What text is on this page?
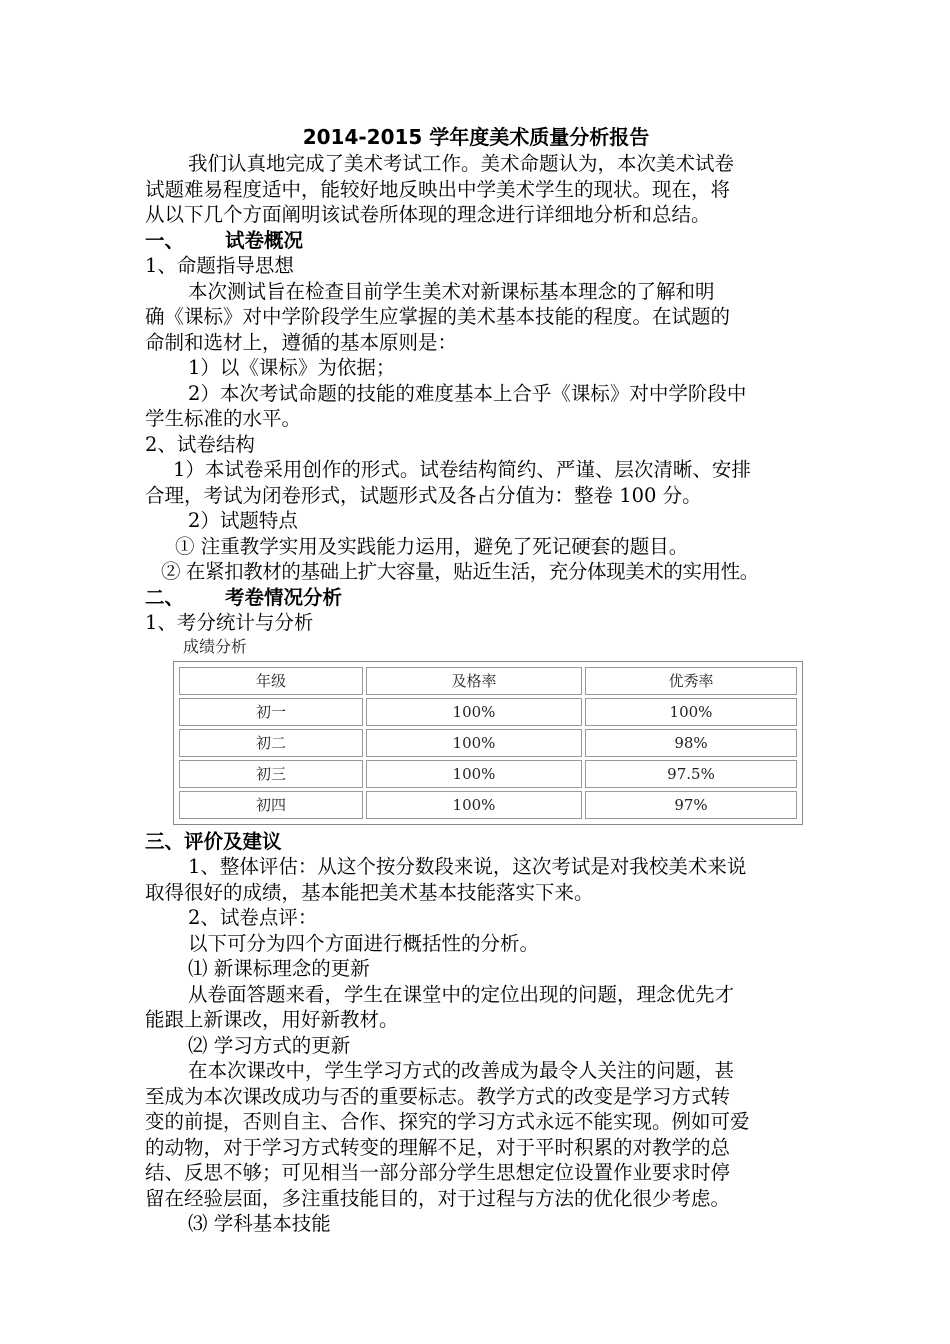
2014-2015 学年度美术质量分析报告
我们认真地完成了美术考试工作。美术命题认为，本次美术试卷
试题难易程度适中，能较好地反映出中学美术学生的现状。现在，将
从以下几个方面阐明该试卷所体现的理念进行详细地分析和总结。
一、 试卷概况
1、命题指导思想
本次测试旨在检查目前学生美术对新课标基本理念的了解和明
确《课标》对中学阶段学生应掌握的美术基本技能的程度。在试题的
命制和选材上，遵循的基本原则是：
1）以《课标》为依据；
2）本次考试命题的技能的难度基本上合乎《课标》对中学阶段中
学生标准的水平。
2、试卷结构
1）本试卷采用创作的形式。试卷结构简约、严谨、层次清晰、安排
合理，考试为闭卷形式，试题形式及各占分值为：整卷 100 分。
2）试题特点
① 注重教学实用及实践能力运用，避免了死记硬套的题目。
② 在紧扣教材的基础上扩大容量，贴近生活，充分体现美术的实用性。
二、 考卷情况分析
1、考分统计与分析
成绩分析
年级	及格率	优秀率
初一	100%	100%
初二	100%	98%
初三	100%	97.5%
初四	100%	97%
三、评价及建议
1、整体评估：从这个按分数段来说，这次考试是对我校美术来说
取得很好的成绩，基本能把美术基本技能落实下来。
2、试卷点评：
以下可分为四个方面进行概括性的分析。
⑴ 新课标理念的更新
从卷面答题来看，学生在课堂中的定位出现的问题，理念优先才
能跟上新课改，用好新教材。
⑵ 学习方式的更新
在本次课改中，学生学习方式的改善成为最令人关注的问题，甚
至成为本次课改成功与否的重要标志。教学方式的改变是学习方式转
变的前提，否则自主、合作、探究的学习方式永远不能实现。例如可爱
的动物，对于学习方式转变的理解不足，对于平时积累的对教学的总
结、反思不够；可见相当一部分部分学生思想定位设置作业要求时停
留在经验层面，多注重技能目的，对于过程与方法的优化很少考虑。
⑶ 学科基本技能
